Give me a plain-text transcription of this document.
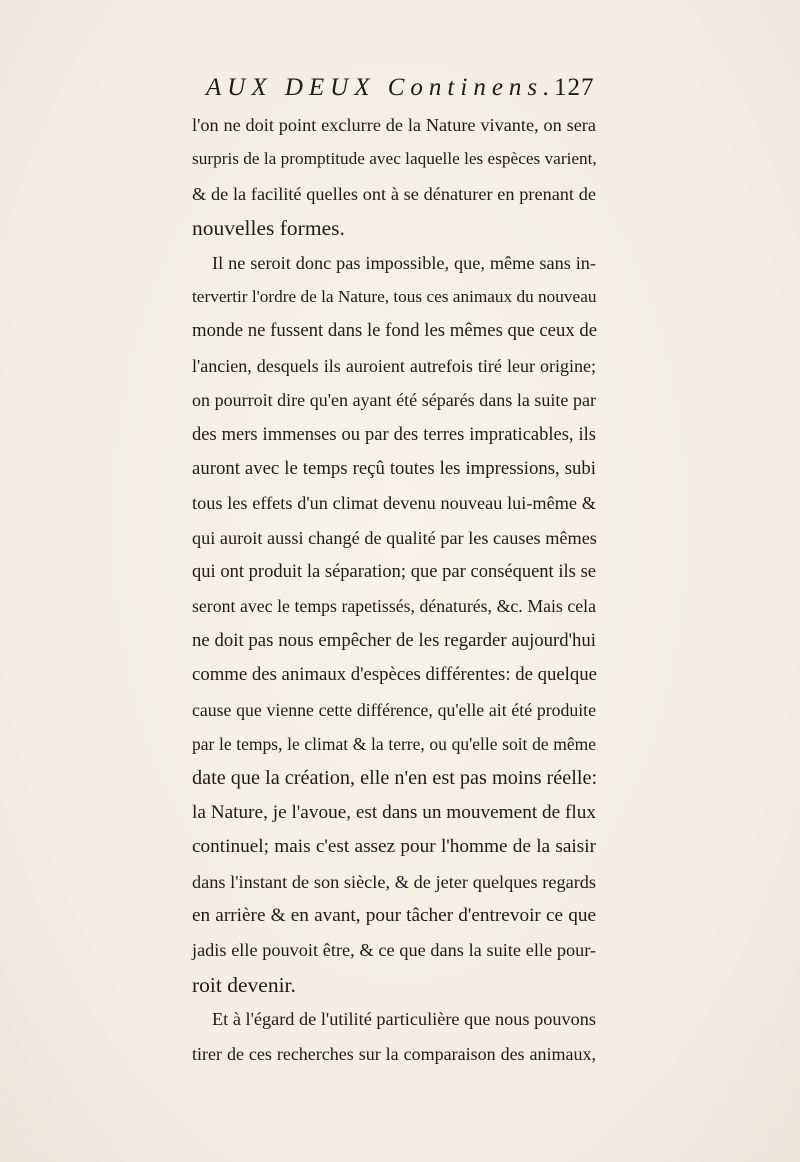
AUX DEUX Continens.
127
l'on ne doit point exclurre de la Nature vivante, on sera
surpris de la promptitude avec laquelle les espèces varient,
& de la facilité quelles ont à se dénaturer en prenant de
nouvelles formes.
Il ne seroit donc pas impossible, que, même sans in-
tervertir l'ordre de la Nature, tous ces animaux du nouveau
monde ne fussent dans le fond les mêmes que ceux de
l'ancien, desquels ils auroient autrefois tiré leur origine;
on pourroit dire qu'en ayant été séparés dans la suite par
des mers immenses ou par des terres impraticables, ils
auront avec le temps reçû toutes les impressions, subi
tous les effets d'un climat devenu nouveau lui-même &
qui auroit aussi changé de qualité par les causes mêmes
qui ont produit la séparation; que par conséquent ils se
seront avec le temps rapetissés, dénaturés, &c. Mais cela
ne doit pas nous empêcher de les regarder aujourd'hui
comme des animaux d'espèces différentes: de quelque
cause que vienne cette différence, qu'elle ait été produite
par le temps, le climat & la terre, ou qu'elle soit de même
date que la création, elle n'en est pas moins réelle:
la Nature, je l'avoue, est dans un mouvement de flux
continuel; mais c'est assez pour l'homme de la saisir
dans l'instant de son siècle, & de jeter quelques regards
en arrière & en avant, pour tâcher d'entrevoir ce que
jadis elle pouvoit être, & ce que dans la suite elle pour-
roit devenir.
Et à l'égard de l'utilité particulière que nous pouvons
tirer de ces recherches sur la comparaison des animaux,
